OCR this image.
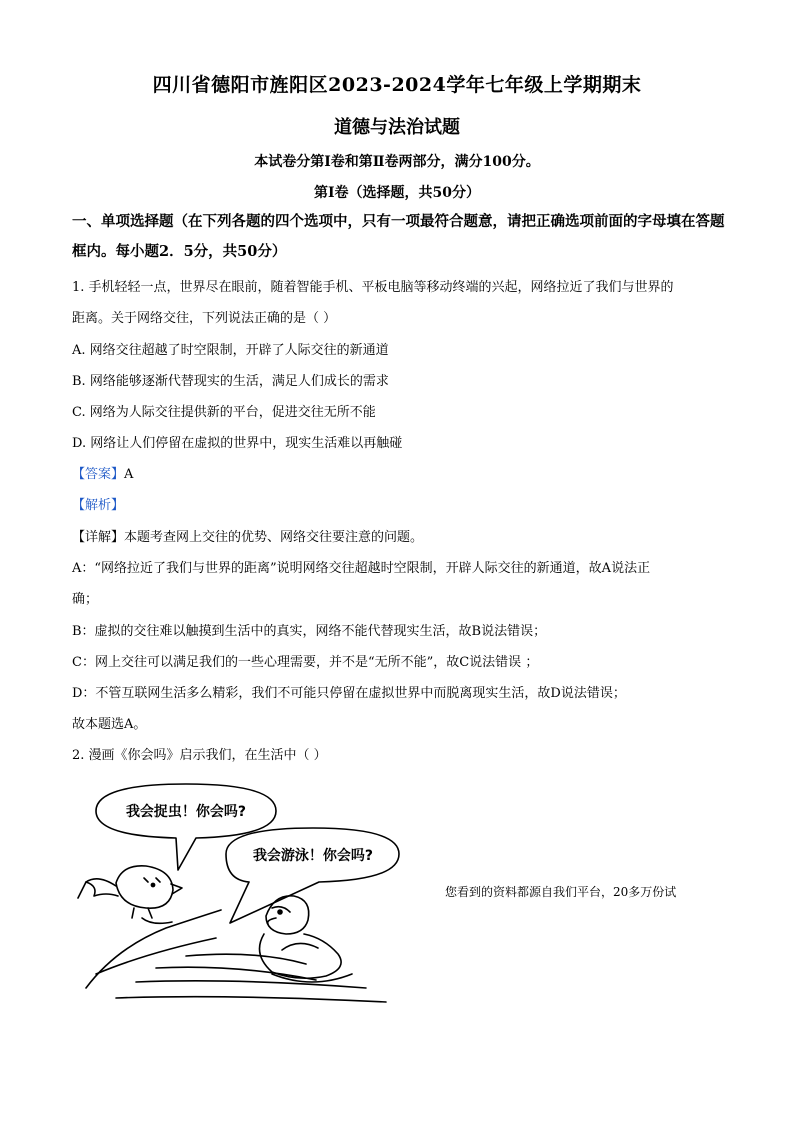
四川省德阳市旌阳区2023-2024学年七年级上学期期末
道德与法治试题
本试卷分第Ⅰ卷和第Ⅱ卷两部分，满分100分。
第Ⅰ卷（选择题，共50分）
一、单项选择题（在下列各题的四个选项中，只有一项最符合题意，请把正确选项前面的字母填在答题框内。每小题2．5分，共50分）
1. 手机轻轻一点，世界尽在眼前，随着智能手机、平板电脑等移动终端的兴起，网络拉近了我们与世界的
距离。关于网络交往，下列说法正确的是（ ）
A. 网络交往超越了时空限制，开辟了人际交往的新通道
B. 网络能够逐渐代替现实的生活，满足人们成长的需求
C. 网络为人际交往提供新的平台，促进交往无所不能
D. 网络让人们停留在虚拟的世界中，现实生活难以再触碰
【答案】A
【解析】
【详解】本题考查网上交往的优势、网络交往要注意的问题。
A：“网络拉近了我们与世界的距离”说明网络交往超越时空限制，开辟人际交往的新通道，故A说法正
确；
B：虚拟的交往难以触摸到生活中的真实，网络不能代替现实生活，故B说法错误；
C：网上交往可以满足我们的一些心理需要，并不是“无所不能”，故C说法错误 ；
D：不管互联网生活多么精彩，我们不可能只停留在虚拟世界中而脱离现实生活，故D说法错误；
故本题选A。
2. 漫画《你会吗》启示我们，在生活中（ ）
我会捉虫！你会吗?
我会游泳！你会吗?
您看到的资料都源自我们平台，20多万份试
